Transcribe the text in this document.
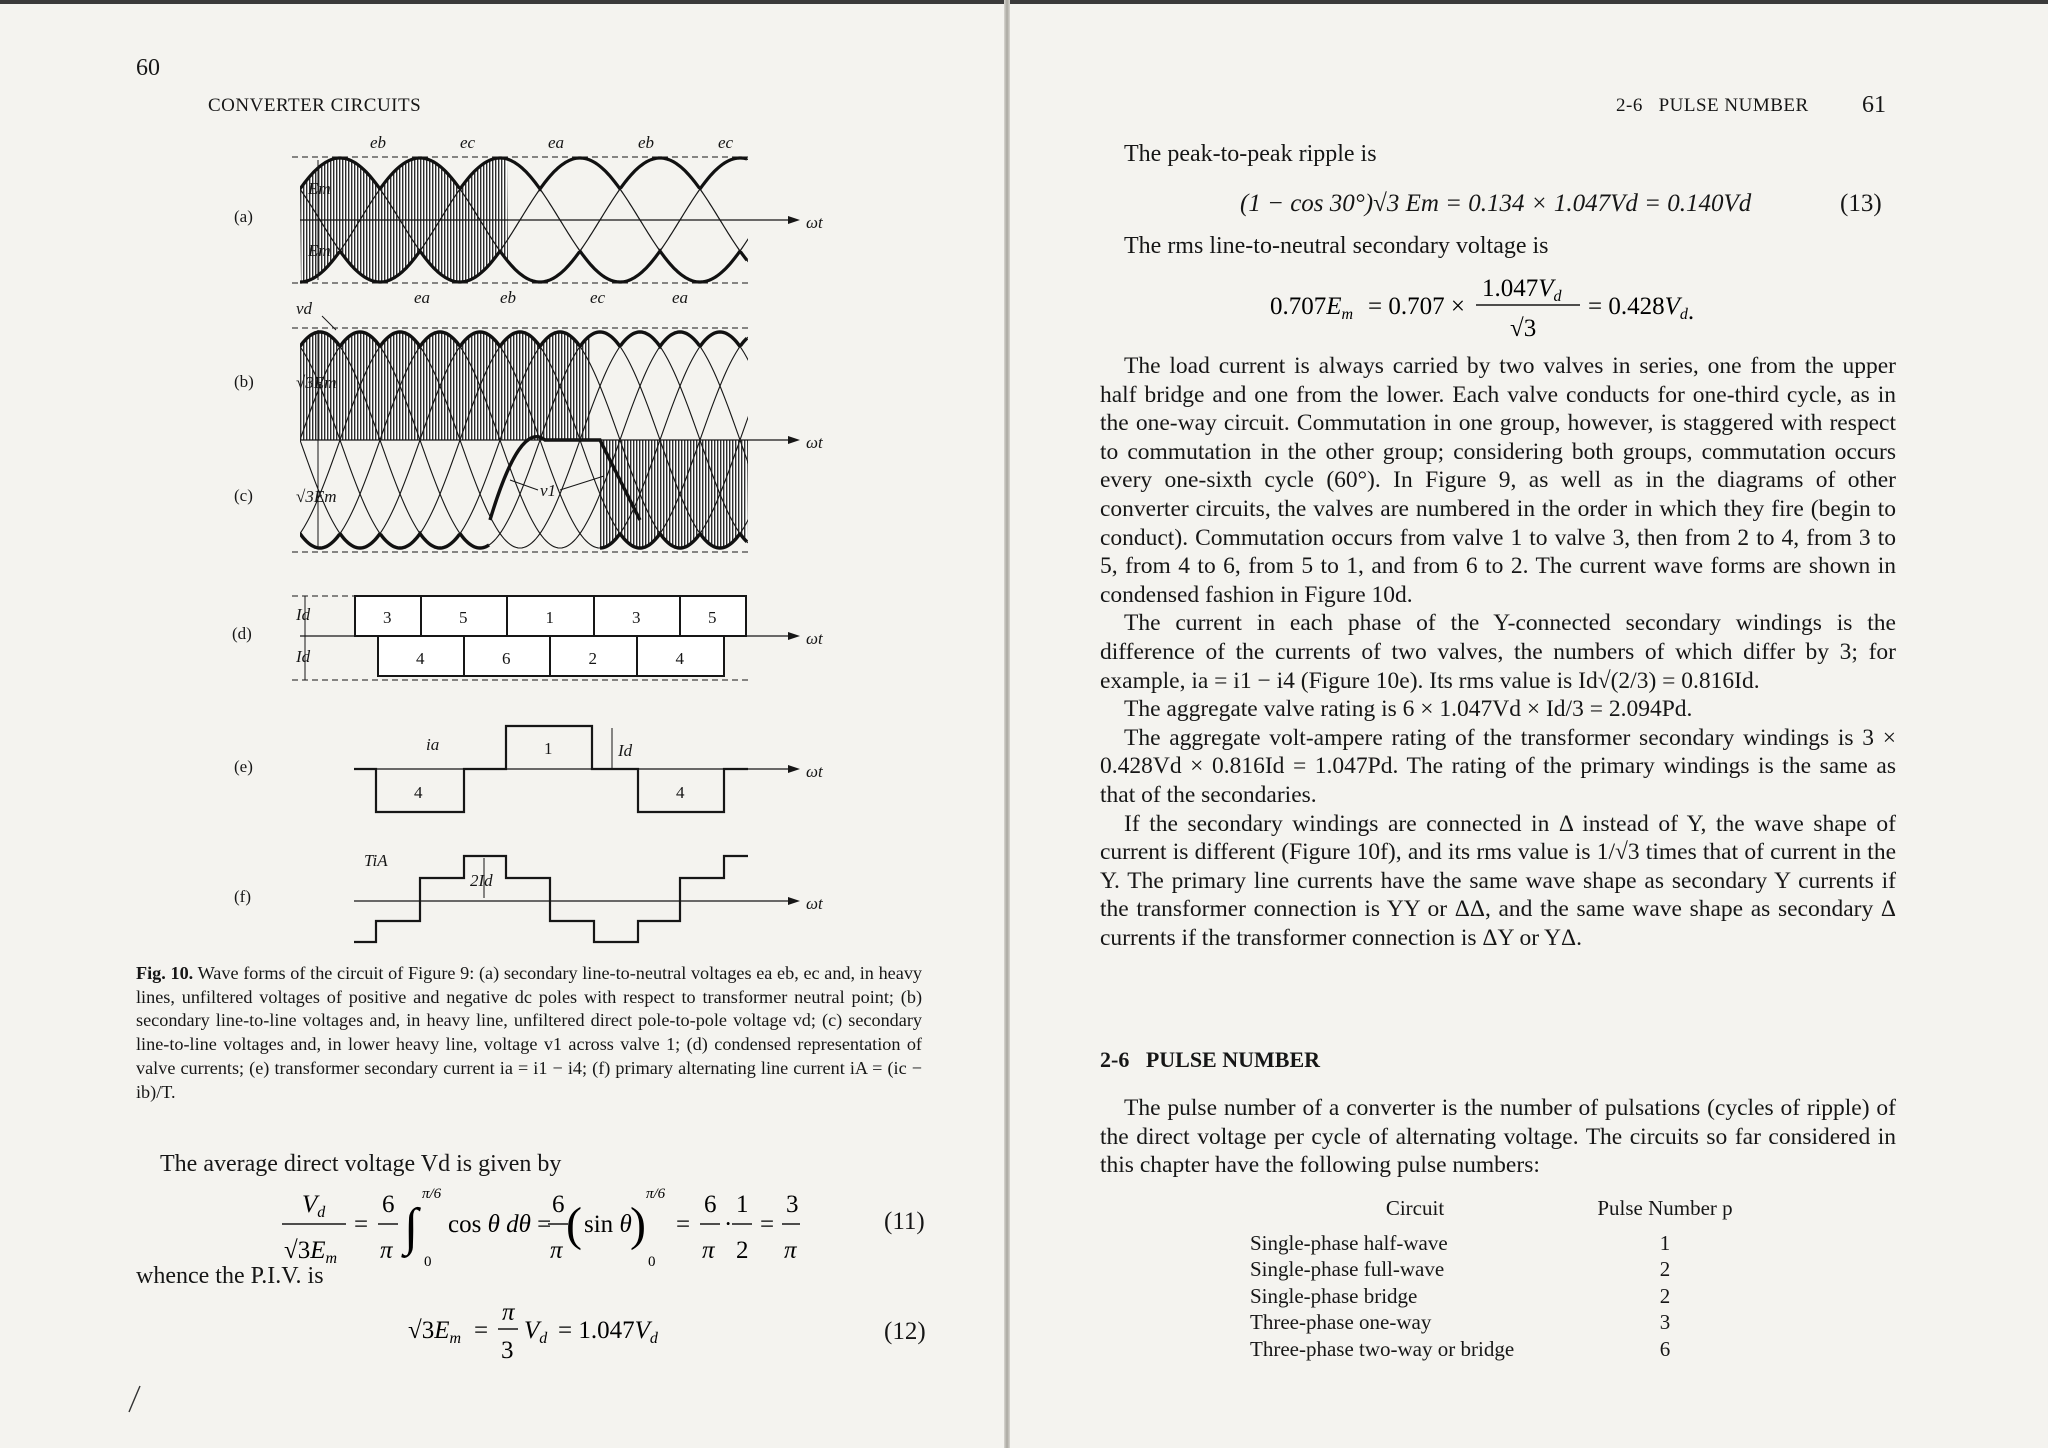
60
CONVERTER CIRCUITS
Em
Em
eb	ec	ea	eb	ec
ea	eb	ec	ea
ωt
√3Em
√3Em
vd
v1
ωt
3	5	1	3	5
4	6	2	4
Id
Id
ωt
4
1
4
ia	Id
ωt
2Id
TiA
ωt
(a)
(b)
(c)
(d)
(e)
(f)
Fig. 10. Wave forms of the circuit of Figure 9: (a) secondary line-to-neutral voltages ea eb, ec and, in heavy lines, unfiltered voltages of positive and negative dc poles with respect to transformer neutral point; (b) secondary line-to-line voltages and, in heavy line, unfiltered direct pole-to-pole voltage vd; (c) secondary line-to-line voltages and, in lower heavy line, voltage v1 across valve 1; (d) condensed representation of valve currents; (e) transformer secondary current ia = i1 − i4; (f) primary alternating line current iA = (ic − ib)/T.
The average direct voltage Vd is given by
$V_d$
$√3E_m$
=
6
π ∫
π/6
0
cos θ dθ =
6
π ( sin θ
)
π/6
0
=
6
π
·
1
2
=
3
π
(11)
whence the P.I.V. is
$√3E_m$ =
π
3
$V_d = 1.047V_d$	(12)
2-6   PULSE NUMBER 61
The peak-to-peak ripple is
(1 − cos 30°)√3 Em = 0.134 × 1.047Vd = 0.140Vd	(13)
The rms line-to-neutral secondary voltage is
$0.707E_m = 0.707$ ×
$1.047V_d$
√3
= $0.428V_d$.

The load current is always carried by two valves in series, one from the upper half bridge and one from the lower. Each valve conducts for one-third cycle, as in the one-way circuit. Commutation in one group, however, is staggered with respect to commutation in the other group; considering both groups, commutation occurs every one-sixth cycle (60°). In Figure 9, as well as in the diagrams of other converter circuits, the valves are numbered in the order in which they fire (begin to conduct). Commutation occurs from valve 1 to valve 3, then from 2 to 4, from 3 to 5, from 4 to 6, from 5 to 1, and from 6 to 2. The current wave forms are shown in condensed fashion in Figure 10d.

The current in each phase of the Y-connected secondary windings is the difference of the currents of two valves, the numbers of which differ by 3; for example, ia = i1 − i4 (Figure 10e). Its rms value is Id√(2/3) = 0.816Id.

The aggregate valve rating is 6 × 1.047Vd × Id/3 = 2.094Pd.

The aggregate volt-ampere rating of the transformer secondary windings is 3 × 0.428Vd × 0.816Id = 1.047Pd. The rating of the primary windings is the same as that of the secondaries.

If the secondary windings are connected in Δ instead of Y, the wave shape of current is different (Figure 10f), and its rms value is 1/√3 times that of current in the Y. The primary line currents have the same wave shape as secondary Y currents if the transformer connection is YY or ΔΔ, and the same wave shape as secondary Δ currents if the transformer connection is ΔY or YΔ.

2-6   PULSE NUMBER

The pulse number of a converter is the number of pulsations (cycles of ripple) of the direct voltage per cycle of alternating voltage. The circuits so far considered in this chapter have the following pulse numbers:

Circuit	Pulse Number p
Single-phase half-wave	1
Single-phase full-wave	2
Single-phase bridge	2
Three-phase one-way	3
Three-phase two-way or bridge	6
